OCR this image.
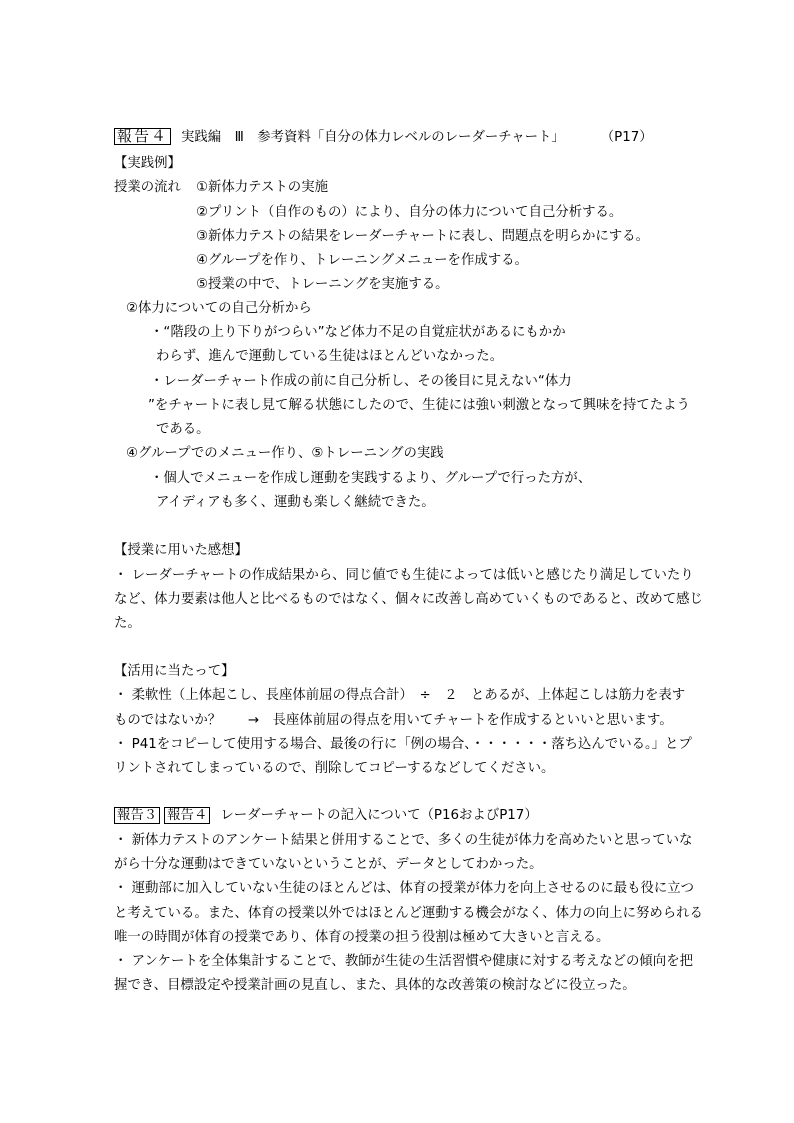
報告４ 実践編　Ⅲ　参考資料「自分の体力レベルのレーダーチャート」	（P17）
【実践例】
授業の流れ ①新体力テストの実施
②プリント（自作のもの）により、自分の体力について自己分析する。
③新体力テストの結果をレーダーチャートに表し、問題点を明らかにする。
④グループを作り、トレーニングメニューを作成する。
⑤授業の中で、トレーニングを実施する。
②体力についての自己分析から
・“階段の上り下りがつらい”など体力不足の自覚症状があるにもかか
わらず、進んで運動している生徒はほとんどいなかった。
・レーダーチャート作成の前に自己分析し、その後目に見えない“体力
”をチャートに表し見て解る状態にしたので、生徒には強い刺激となって興味を持てたよう
である。
④グループでのメニュー作り、⑤トレーニングの実践
・個人でメニューを作成し運動を実践するより、グループで行った方が、
アイディアも多く、運動も楽しく継続できた。
【授業に用いた感想】
・ レーダーチャートの作成結果から、同じ値でも生徒によっては低いと感じたり満足していたり
など、体力要素は他人と比べるものではなく、個々に改善し高めていくものであると、改めて感じ
た。
【活用に当たって】
・ 柔軟性（上体起こし、長座体前屈の得点合計）　÷　２　とあるが、上体起こしは筋力を表す
ものではないか？　　→　長座体前屈の得点を用いてチャートを作成するといいと思います。
・ P41をコピーして使用する場合、最後の行に「例の場合、・・・・・・落ち込んでいる。」とプ
リントされてしまっているので、削除してコピーするなどしてください。
報告３ 報告４ レーダーチャートの記入について（P16およびP17）
・ 新体力テストのアンケート結果と併用することで、多くの生徒が体力を高めたいと思っていな
がら十分な運動はできていないということが、データとしてわかった。
・ 運動部に加入していない生徒のほとんどは、体育の授業が体力を向上させるのに最も役に立つ
と考えている。また、体育の授業以外ではほとんど運動する機会がなく、体力の向上に努められる
唯一の時間が体育の授業であり、体育の授業の担う役割は極めて大きいと言える。
・ アンケートを全体集計することで、教師が生徒の生活習慣や健康に対する考えなどの傾向を把
握でき、目標設定や授業計画の見直し、また、具体的な改善策の検討などに役立った。
